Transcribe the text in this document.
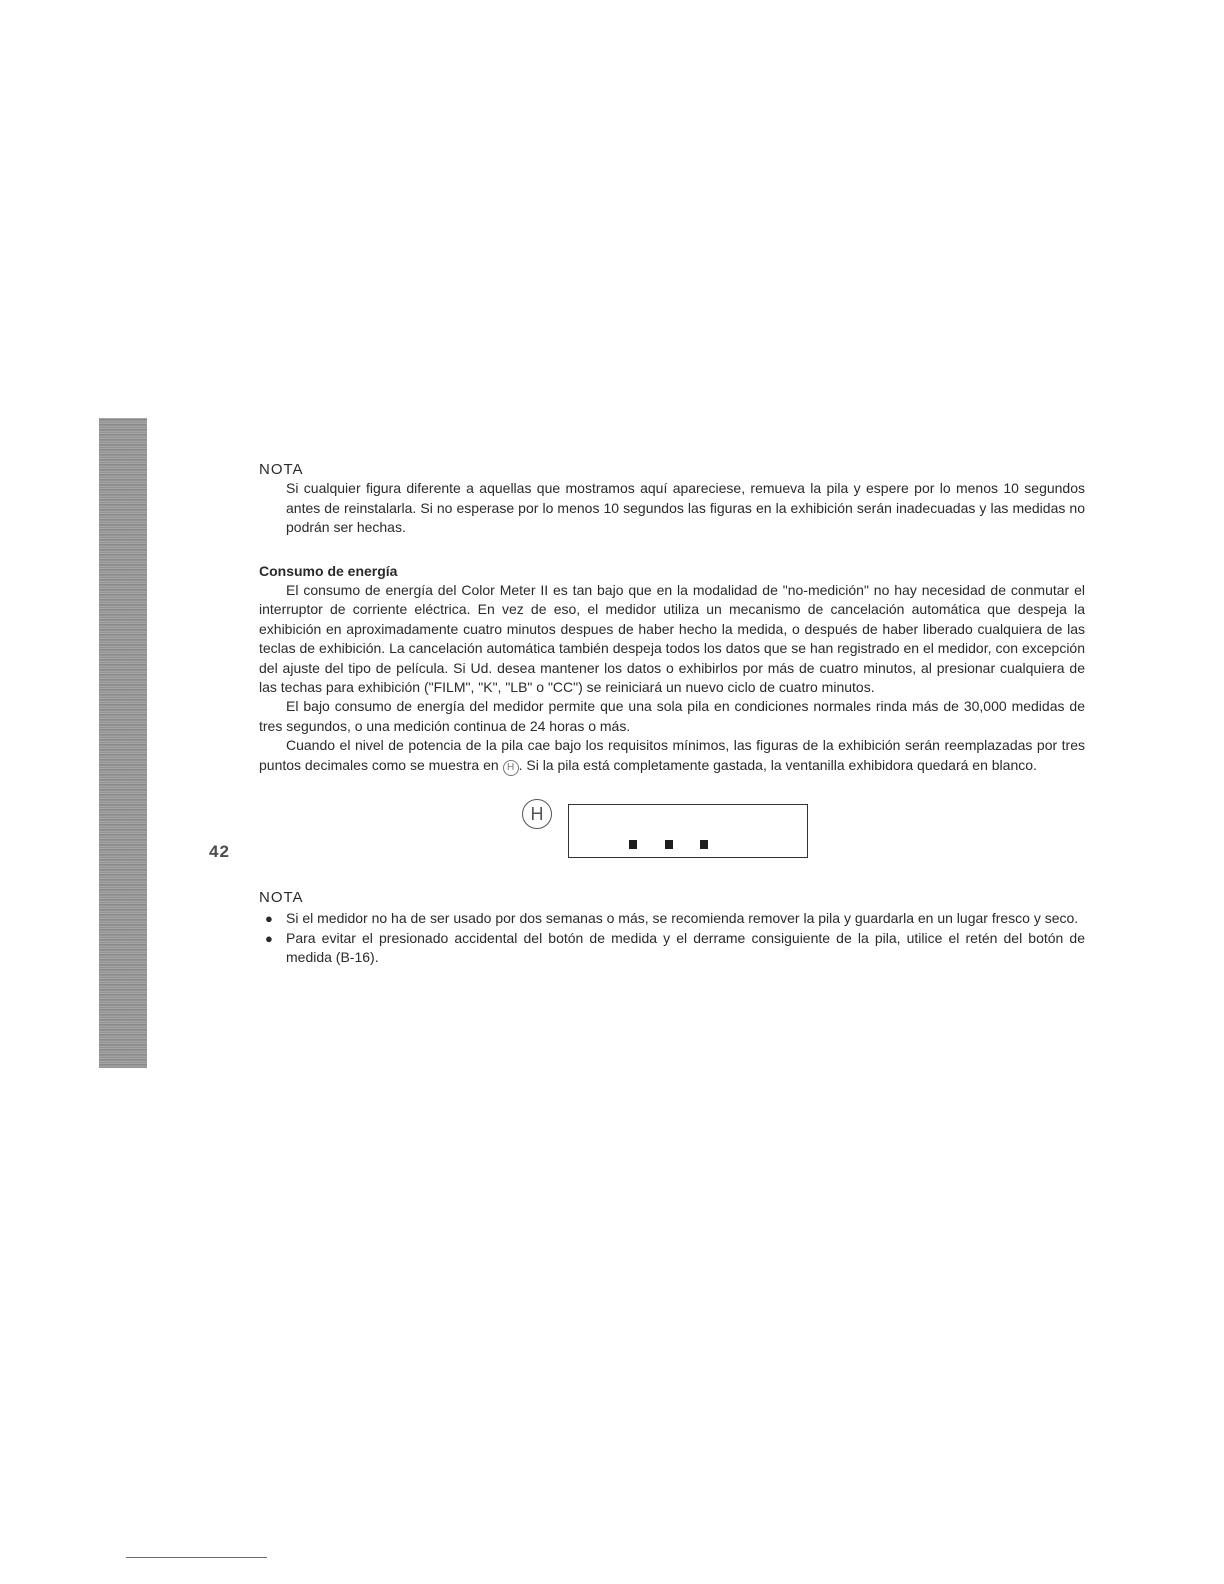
42

NOTA

Si cualquier figura diferente a aquellas que mostramos aquí apareciese, remueva la pila y espere por lo menos 10 segundos antes de reinstalarla. Si no esperase por lo menos 10 segundos las figuras en la exhibición serán inadecuadas y las medidas no podrán ser hechas.

Consumo de energía

El consumo de energía del Color Meter II es tan bajo que en la modalidad de "no-medición" no hay necesidad de conmutar el interruptor de corriente eléctrica. En vez de eso, el medidor utiliza un mecanismo de cancelación automática que despeja la exhibición en aproximadamente cuatro minutos despues de haber hecho la medida, o después de haber liberado cualquiera de las teclas de exhibición. La cancelación automática también despeja todos los datos que se han registrado en el medidor, con excepción del ajuste del tipo de película. Si Ud. desea mantener los datos o exhibirlos por más de cuatro minutos, al presionar cualquiera de las techas para exhibición ("FILM", "K", "LB" o "CC") se reiniciará un nuevo ciclo de cuatro minutos.

El bajo consumo de energía del medidor permite que una sola pila en condiciones normales rinda más de 30,000 medidas de tres segundos, o una medición continua de 24 horas o más.

Cuando el nivel de potencia de la pila cae bajo los requisitos mínimos, las figuras de la exhibición serán reemplazadas por tres puntos decimales como se muestra en H . Si la pila está completamente gastada, la ventanilla exhibidora quedará en blanco.

H

NOTA

● Si el medidor no ha de ser usado por dos semanas o más, se recomienda remover la pila y guardarla en un lugar fresco y seco.
● Para evitar el presionado accidental del botón de medida y el derrame consiguiente de la pila, utilice el retén del botón de medida (B-16).
